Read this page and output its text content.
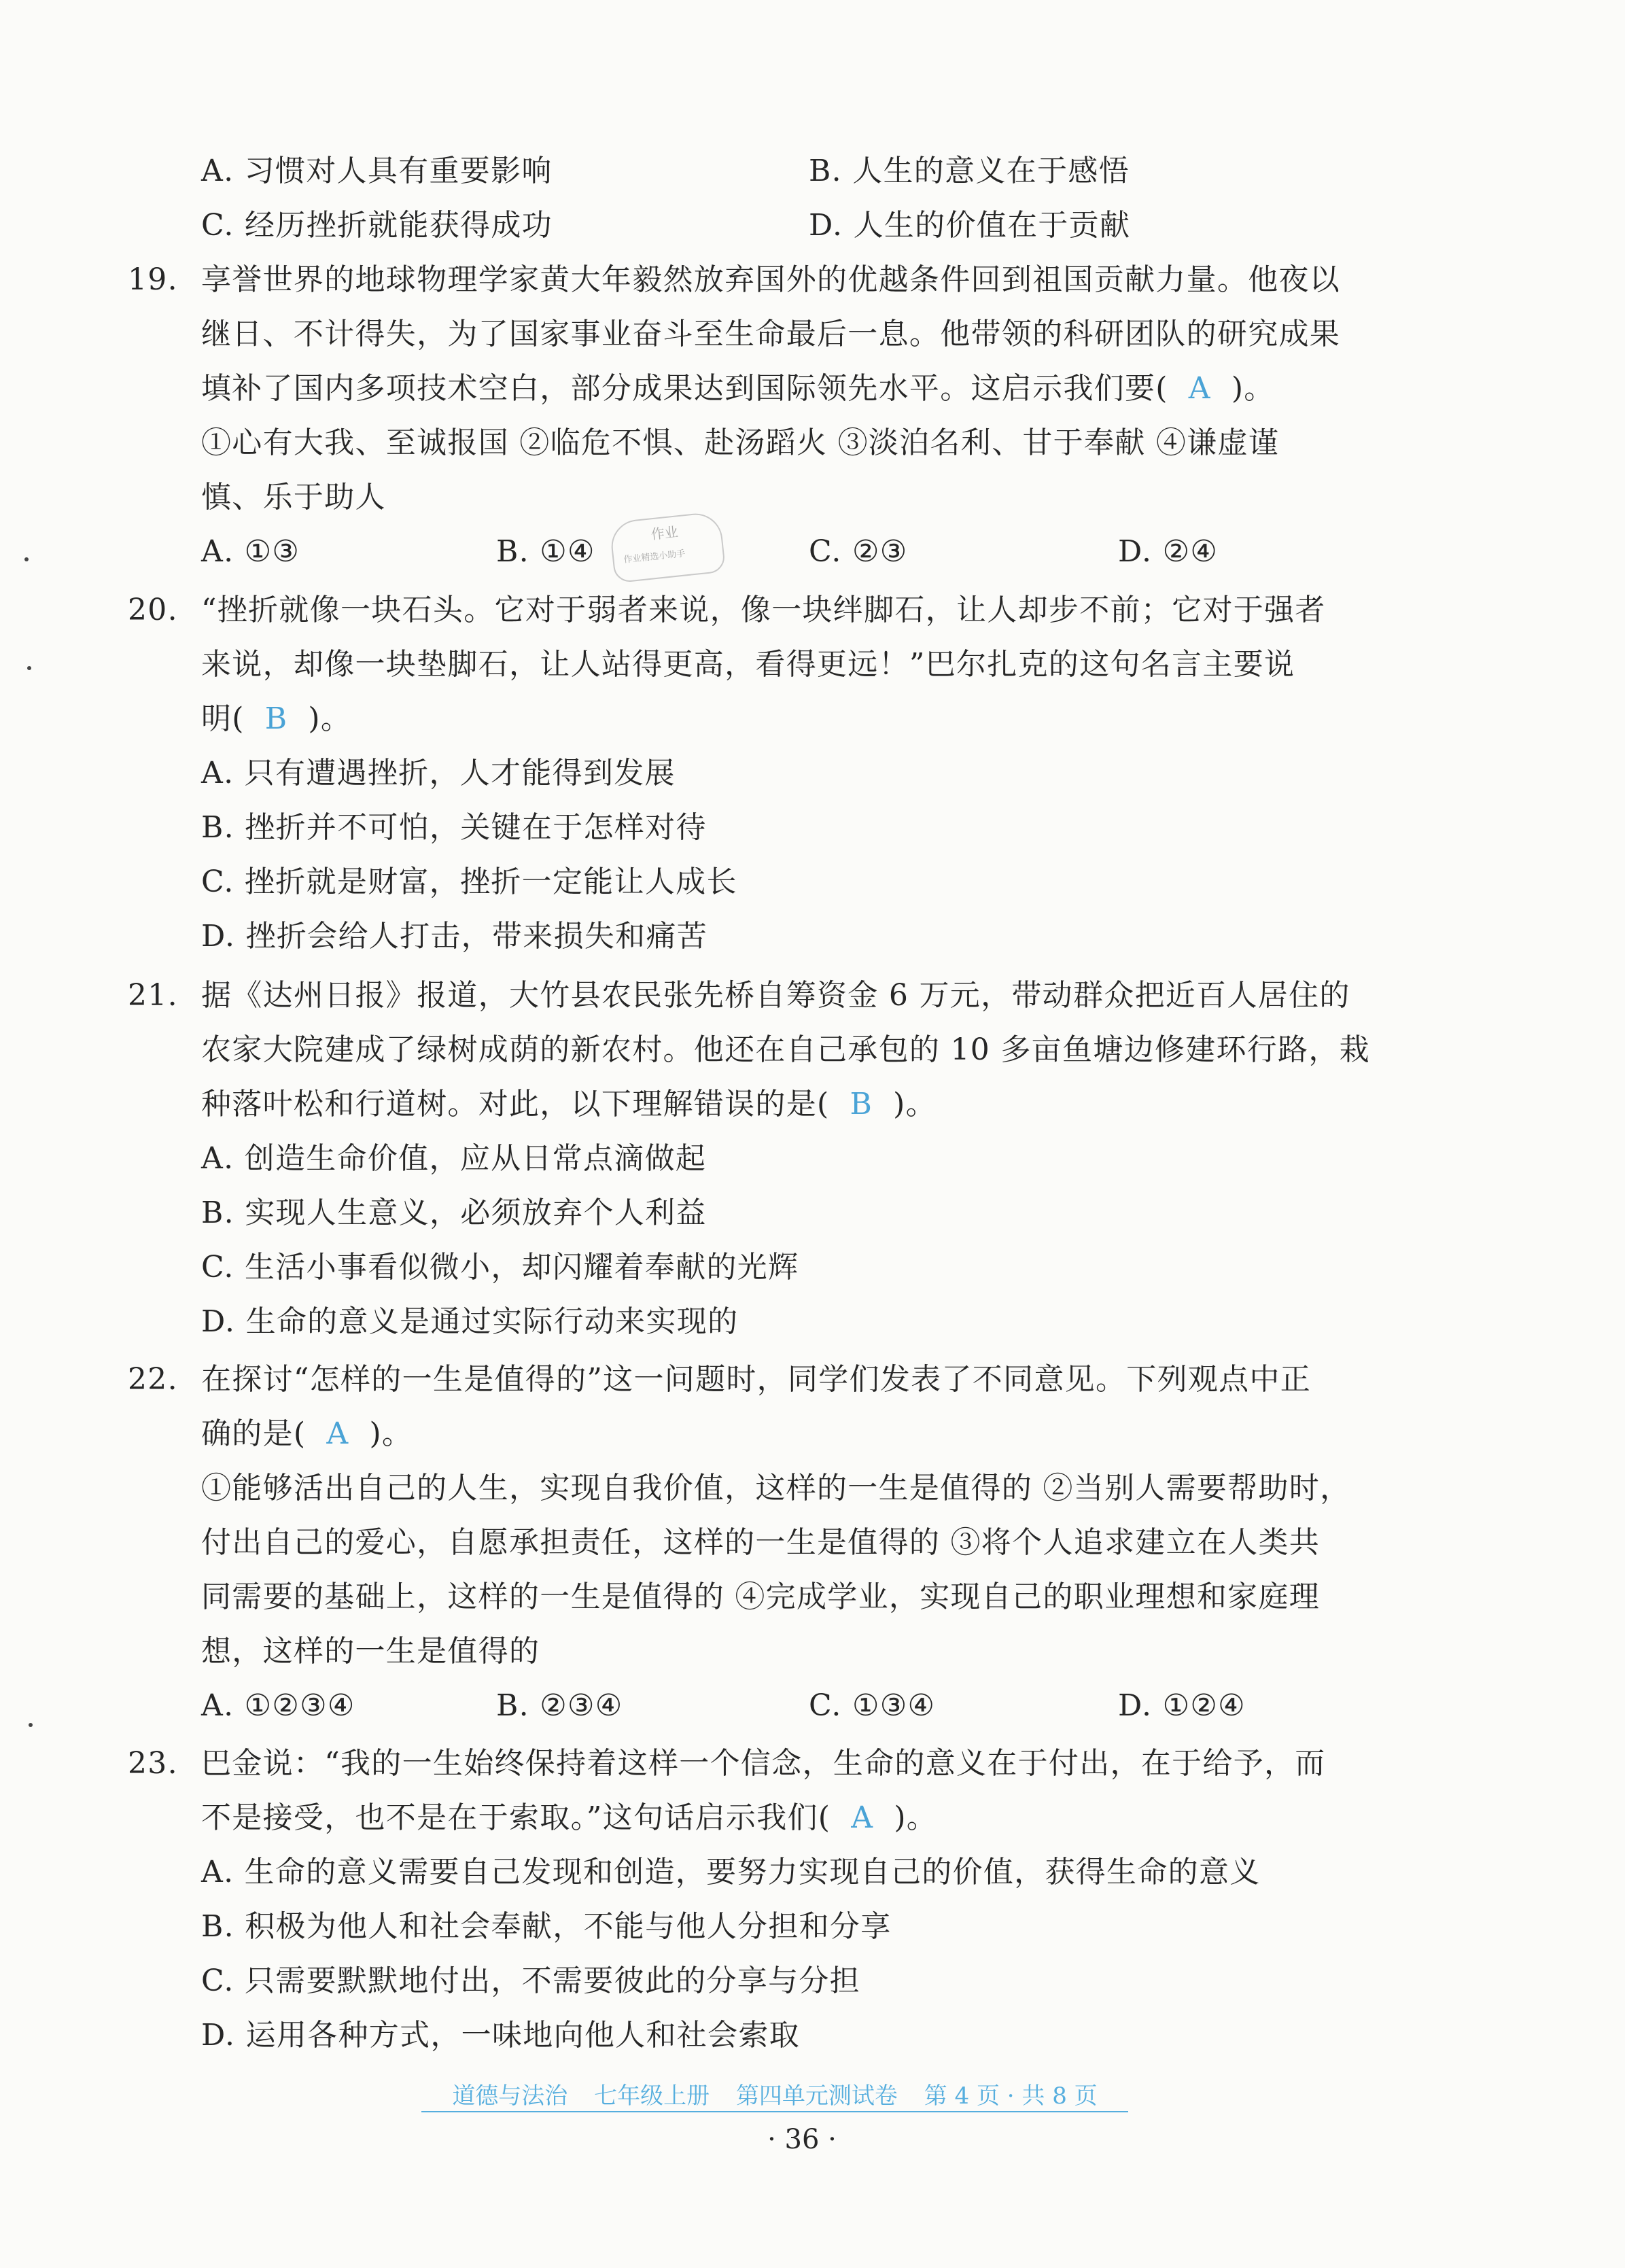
A. 习惯对人具有重要影响	B. 人生的意义在于感悟
C. 经历挫折就能获得成功	D. 人生的价值在于贡献
19. 享誉世界的地球物理学家黄大年毅然放弃国外的优越条件回到祖国贡献力量。他夜以
继日、不计得失，为了国家事业奋斗至生命最后一息。他带领的科研团队的研究成果
填补了国内多项技术空白，部分成果达到国际领先水平。这启示我们要( A )。
①心有大我、至诚报国 ②临危不惧、赴汤蹈火 ③淡泊名利、甘于奉献 ④谦虚谨
慎、乐于助人
A. ①③	B. ①④	C. ②③	D. ②④
作业
作业精选小助手
20. “挫折就像一块石头。它对于弱者来说，像一块绊脚石，让人却步不前；它对于强者
来说，却像一块垫脚石，让人站得更高，看得更远！”巴尔扎克的这句名言主要说
明( B )。
A. 只有遭遇挫折，人才能得到发展
B. 挫折并不可怕，关键在于怎样对待
C. 挫折就是财富，挫折一定能让人成长
D. 挫折会给人打击，带来损失和痛苦
21. 据《达州日报》报道，大竹县农民张先桥自筹资金 6 万元，带动群众把近百人居住的
农家大院建成了绿树成荫的新农村。他还在自己承包的 10 多亩鱼塘边修建环行路，栽
种落叶松和行道树。对此，以下理解错误的是( B )。
A. 创造生命价值，应从日常点滴做起
B. 实现人生意义，必须放弃个人利益
C. 生活小事看似微小，却闪耀着奉献的光辉
D. 生命的意义是通过实际行动来实现的
22. 在探讨“怎样的一生是值得的”这一问题时，同学们发表了不同意见。下列观点中正
确的是( A )。
①能够活出自己的人生，实现自我价值，这样的一生是值得的 ②当别人需要帮助时，
付出自己的爱心，自愿承担责任，这样的一生是值得的 ③将个人追求建立在人类共
同需要的基础上，这样的一生是值得的 ④完成学业，实现自己的职业理想和家庭理
想，这样的一生是值得的
A. ①②③④	B. ②③④	C. ①③④	D. ①②④
23. 巴金说：“我的一生始终保持着这样一个信念，生命的意义在于付出，在于给予，而
不是接受，也不是在于索取。”这句话启示我们( A )。
A. 生命的意义需要自己发现和创造，要努力实现自己的价值，获得生命的意义
B. 积极为他人和社会奉献，不能与他人分担和分享
C. 只需要默默地付出，不需要彼此的分享与分担
D. 运用各种方式，一味地向他人和社会索取
道德与法治 七年级上册 第四单元测试卷 第 4 页 · 共 8 页
· 36 ·
